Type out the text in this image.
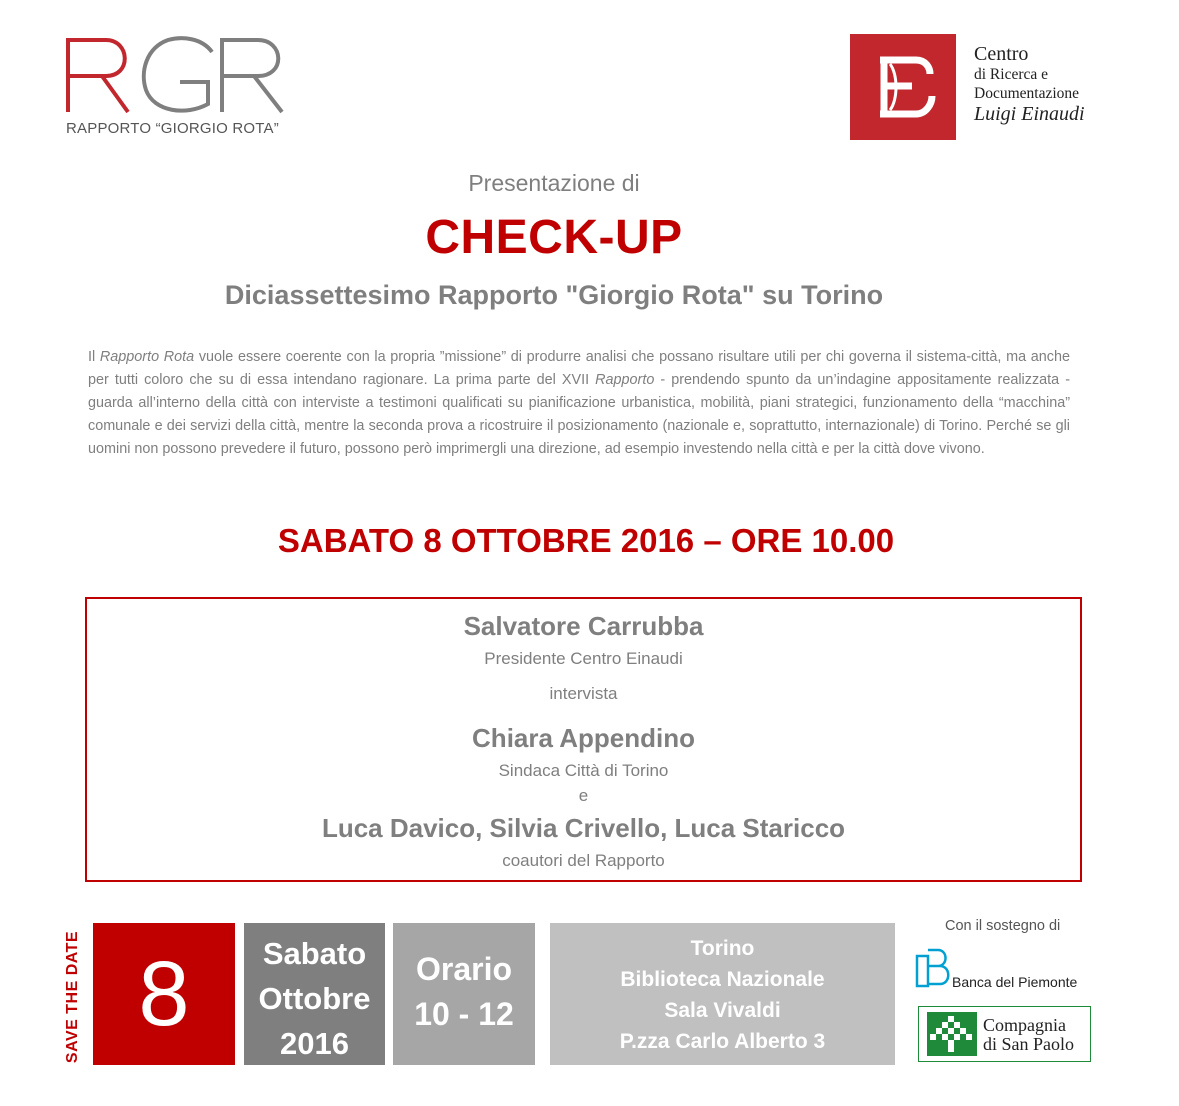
RAPPORTO “GIORGIO ROTA”
Centro
di Ricerca e
Documentazione
Luigi Einaudi
Presentazione di
CHECK-UP
Diciassettesimo Rapporto "Giorgio Rota" su Torino
Il Rapporto Rota vuole essere coerente con la propria ”missione” di produrre analisi che possano risultare utili per chi governa il sistema-città, ma anche per tutti coloro che su di essa intendano ragionare. La prima parte del XVII Rapporto - prendendo spunto da un’indagine appositamente realizzata - guarda all’interno della città con interviste a testimoni qualificati su pianificazione urbanistica, mobilità, piani strategici, funzionamento della “macchina” comunale e dei servizi della città, mentre la seconda prova a ricostruire il posizionamento (nazionale e, soprattutto, internazionale) di Torino. Perché se gli uomini non possono prevedere il futuro, possono però imprimergli una direzione, ad esempio investendo nella città e per la città dove vivono.
SABATO 8 OTTOBRE 2016 – ORE 10.00
Salvatore Carrubba
Presidente Centro Einaudi
intervista
Chiara Appendino
Sindaca Città di Torino
e
Luca Davico, Silvia Crivello, Luca Staricco
coautori del Rapporto
SAVE THE DATE 8	Sabato
Ottobre
2016
Orario
10 - 12
Torino
Biblioteca Nazionale
Sala Vivaldi
P.zza Carlo Alberto 3
Con il sostegno di
Banca del Piemonte
Compagnia
di San Paolo
